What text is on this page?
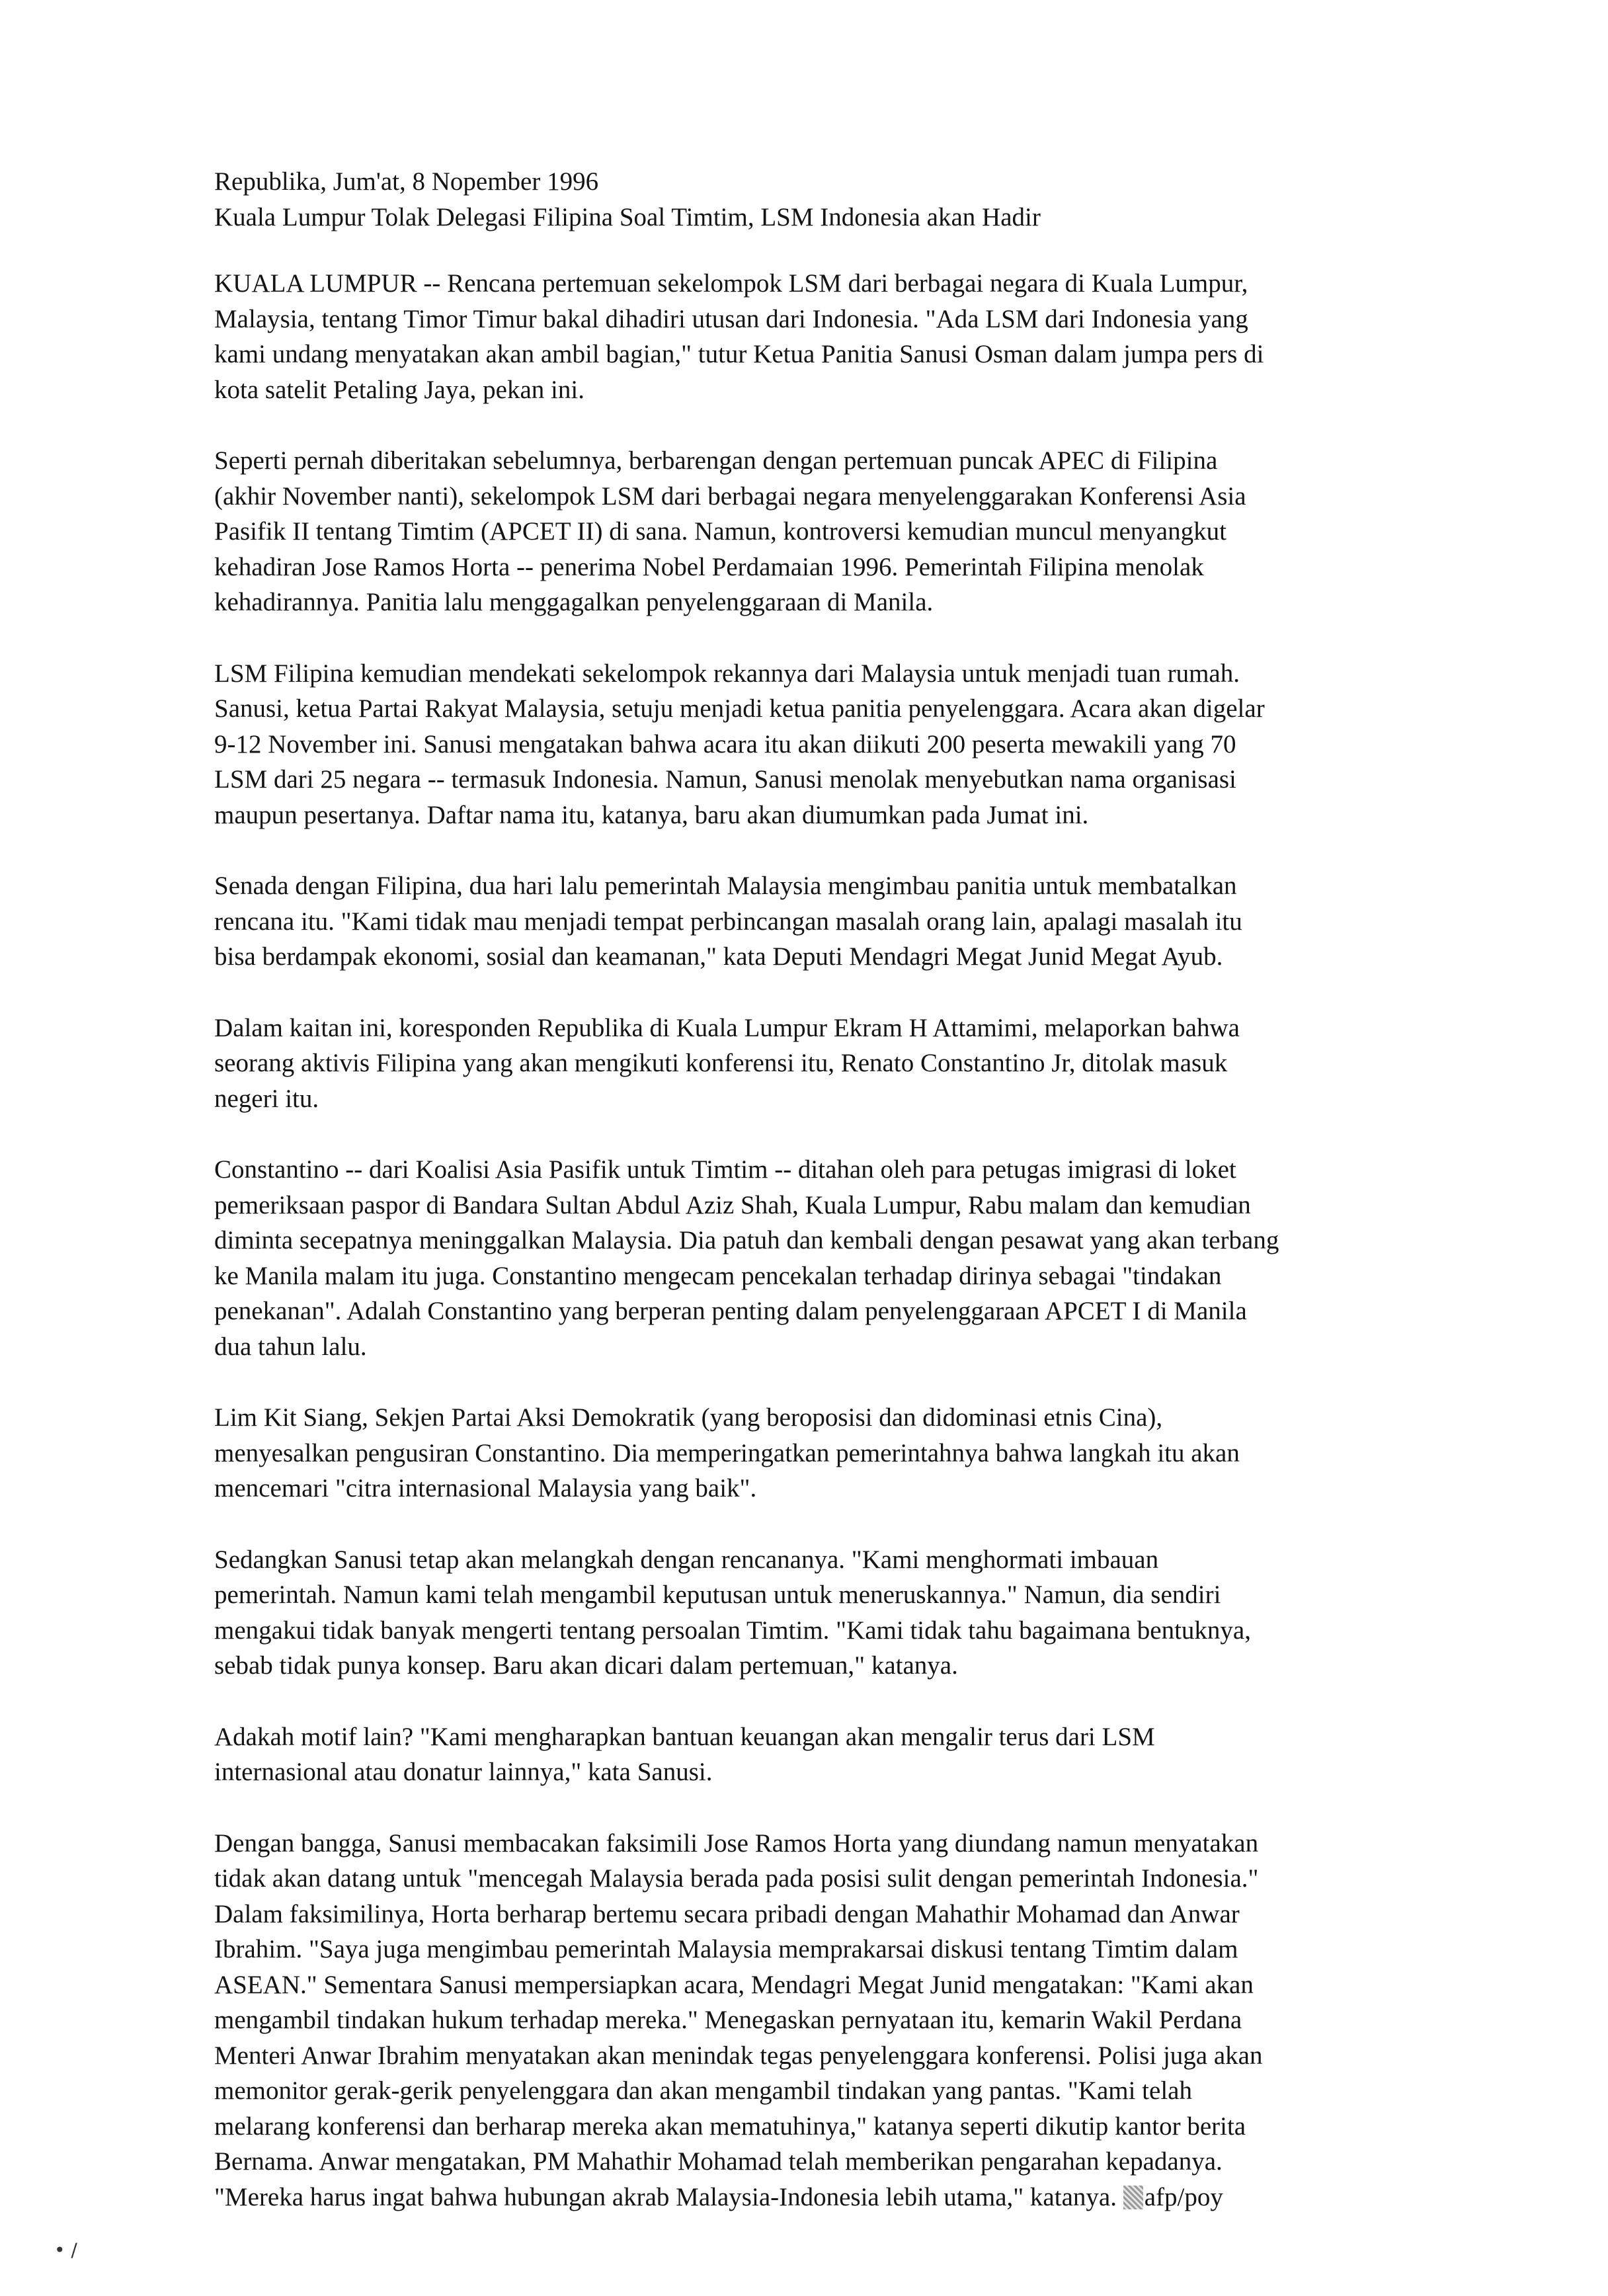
Republika, Jum'at, 8 Nopember 1996

Kuala Lumpur Tolak Delegasi Filipina Soal Timtim, LSM Indonesia akan Hadir

KUALA LUMPUR -- Rencana pertemuan sekelompok LSM dari berbagai negara di Kuala Lumpur,
Malaysia, tentang Timor Timur bakal dihadiri utusan dari Indonesia. "Ada LSM dari Indonesia yang
kami undang menyatakan akan ambil bagian," tutur Ketua Panitia Sanusi Osman dalam jumpa pers di
kota satelit Petaling Jaya, pekan ini.

Seperti pernah diberitakan sebelumnya, berbarengan dengan pertemuan puncak APEC di Filipina
(akhir November nanti), sekelompok LSM dari berbagai negara menyelenggarakan Konferensi Asia
Pasifik II tentang Timtim (APCET II) di sana. Namun, kontroversi kemudian muncul menyangkut
kehadiran Jose Ramos Horta -- penerima Nobel Perdamaian 1996. Pemerintah Filipina menolak
kehadirannya. Panitia lalu menggagalkan penyelenggaraan di Manila.

LSM Filipina kemudian mendekati sekelompok rekannya dari Malaysia untuk menjadi tuan rumah.
Sanusi, ketua Partai Rakyat Malaysia, setuju menjadi ketua panitia penyelenggara. Acara akan digelar
9-12 November ini. Sanusi mengatakan bahwa acara itu akan diikuti 200 peserta mewakili yang 70
LSM dari 25 negara -- termasuk Indonesia. Namun, Sanusi menolak menyebutkan nama organisasi
maupun pesertanya. Daftar nama itu, katanya, baru akan diumumkan pada Jumat ini.

Senada dengan Filipina, dua hari lalu pemerintah Malaysia mengimbau panitia untuk membatalkan
rencana itu. "Kami tidak mau menjadi tempat perbincangan masalah orang lain, apalagi masalah itu
bisa berdampak ekonomi, sosial dan keamanan," kata Deputi Mendagri Megat Junid Megat Ayub.

Dalam kaitan ini, koresponden Republika di Kuala Lumpur Ekram H Attamimi, melaporkan bahwa
seorang aktivis Filipina yang akan mengikuti konferensi itu, Renato Constantino Jr, ditolak masuk
negeri itu.

Constantino -- dari Koalisi Asia Pasifik untuk Timtim -- ditahan oleh para petugas imigrasi di loket
pemeriksaan paspor di Bandara Sultan Abdul Aziz Shah, Kuala Lumpur, Rabu malam dan kemudian
diminta secepatnya meninggalkan Malaysia. Dia patuh dan kembali dengan pesawat yang akan terbang
ke Manila malam itu juga. Constantino mengecam pencekalan terhadap dirinya sebagai "tindakan
penekanan". Adalah Constantino yang berperan penting dalam penyelenggaraan APCET I di Manila
dua tahun lalu.

Lim Kit Siang, Sekjen Partai Aksi Demokratik (yang beroposisi dan didominasi etnis Cina),
menyesalkan pengusiran Constantino. Dia memperingatkan pemerintahnya bahwa langkah itu akan
mencemari "citra internasional Malaysia yang baik".

Sedangkan Sanusi tetap akan melangkah dengan rencananya. "Kami menghormati imbauan
pemerintah. Namun kami telah mengambil keputusan untuk meneruskannya." Namun, dia sendiri
mengakui tidak banyak mengerti tentang persoalan Timtim. "Kami tidak tahu bagaimana bentuknya,
sebab tidak punya konsep. Baru akan dicari dalam pertemuan," katanya.

Adakah motif lain? "Kami mengharapkan bantuan keuangan akan mengalir terus dari LSM
internasional atau donatur lainnya," kata Sanusi.

Dengan bangga, Sanusi membacakan faksimili Jose Ramos Horta yang diundang namun menyatakan
tidak akan datang untuk "mencegah Malaysia berada pada posisi sulit dengan pemerintah Indonesia."
Dalam faksimilinya, Horta berharap bertemu secara pribadi dengan Mahathir Mohamad dan Anwar
Ibrahim. "Saya juga mengimbau pemerintah Malaysia memprakarsai diskusi tentang Timtim dalam
ASEAN." Sementara Sanusi mempersiapkan acara, Mendagri Megat Junid mengatakan: "Kami akan
mengambil tindakan hukum terhadap mereka." Menegaskan pernyataan itu, kemarin Wakil Perdana
Menteri Anwar Ibrahim menyatakan akan menindak tegas penyelenggara konferensi. Polisi juga akan
memonitor gerak-gerik penyelenggara dan akan mengambil tindakan yang pantas. "Kami telah
melarang konferensi dan berharap mereka akan mematuhinya," katanya seperti dikutip kantor berita
Bernama. Anwar mengatakan, PM Mahathir Mohamad telah memberikan pengarahan kepadanya.
"Mereka harus ingat bahwa hubungan akrab Malaysia-Indonesia lebih utama," katanya. afp/poy

• ∕
